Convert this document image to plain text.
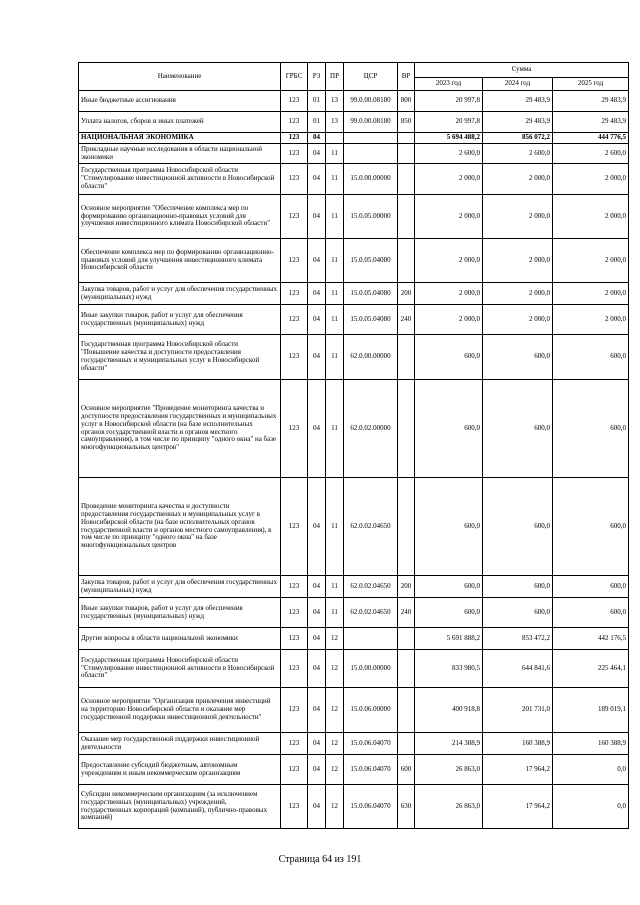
Наименование	ГРБС	РЗ	ПР	ЦСР	ВР	Сумма		
						2023 год	2024 год	2025 год
Иные бюджетные ассигнования	123	01	13	99.0.00.08180	800	20 997,8	29 483,9	29 483,9
Уплата налогов, сборов и иных платежей	123	01	13	99.0.00.08180	850	20 997,8	29 483,9	29 483,9
НАЦИОНАЛЬНАЯ ЭКОНОМИКА	123	04				5 694 488,2	856 072,2	444 776,5
Прикладные научные исследования в области национальной экономики	123	04	11			2 600,0	2 600,0	2 600,0
Государственная программа Новосибирской области "Стимулирование инвестиционной активности в Новосибирской области"	123	04	11	15.0.00.00000		2 000,0	2 000,0	2 000,0
Основное мероприятие "Обеспечение комплекса мер по формированию организационно-правовых условий для улучшения инвестиционного климата Новосибирской области"	123	04	11	15.0.05.00000		2 000,0	2 000,0	2 000,0
Обеспечение комплекса мер по формированию организационно-правовых условий для улучшения инвестиционного климата Новосибирской области	123	04	11	15.0.05.04080		2 000,0	2 000,0	2 000,0
Закупка товаров, работ и услуг для обеспечения государственных (муниципальных) нужд	123	04	11	15.0.05.04080	200	2 000,0	2 000,0	2 000,0
Иные закупки товаров, работ и услуг для обеспечения государственных (муниципальных) нужд	123	04	11	15.0.05.04080	240	2 000,0	2 000,0	2 000,0
Государственная программа Новосибирской области "Повышение качества и доступности предоставления государственных и муниципальных услуг в Новосибирской области"	123	04	11	62.0.00.00000		600,0	600,0	600,0
Основное мероприятие "Проведение мониторинга качества и доступности предоставления государственных и муниципальных услуг в Новосибирской области (на базе исполнительных органов государственной власти и органов местного самоуправления), в том числе по принципу "одного окна" на базе многофункциональных центров"	123	04	11	62.0.02.00000		600,0	600,0	600,0
Проведение мониторинга качества и доступности предоставления государственных и муниципальных услуг в Новосибирской области (на базе исполнительных органов государственной власти и органов местного самоуправления), в том числе по принципу "одного окна" на базе многофункциональных центров	123	04	11	62.0.02.04650		600,0	600,0	600,0
Закупка товаров, работ и услуг для обеспечения государственных (муниципальных) нужд	123	04	11	62.0.02.04650	200	600,0	600,0	600,0
Иные закупки товаров, работ и услуг для обеспечения государственных (муниципальных) нужд	123	04	11	62.0.02.04650	240	600,0	600,0	600,0
Другие вопросы в области национальной экономики	123	04	12			5 691 888,2	853 472,2	442 176,5
Государственная программа Новосибирской области "Стимулирование инвестиционной активности в Новосибирской области"	123	04	12	15.0.00.00000		833 980,5	644 841,6	225 464,1
Основное мероприятие "Организация привлечения инвестиций на территорию Новосибирской области и оказание мер государственной поддержки инвестиционной деятельности"	123	04	12	15.0.06.00000		400 918,8	201 731,0	189 019,1
Оказание мер государственной поддержки инвестиционной деятельности	123	04	12	15.0.06.04070		214 388,9	160 388,9	160 388,9
Предоставление субсидий бюджетным, автономным учреждениям и иным некоммерческим организациям	123	04	12	15.0.06.04070	600	26 863,0	17 964,2	0,0
Субсидии некоммерческим организациям (за исключением государственных (муниципальных) учреждений, государственных корпораций (компаний), публично-правовых компаний)	123	04	12	15.0.06.04070	630	26 863,0	17 964,2	0,0
Страница 64 из 191
